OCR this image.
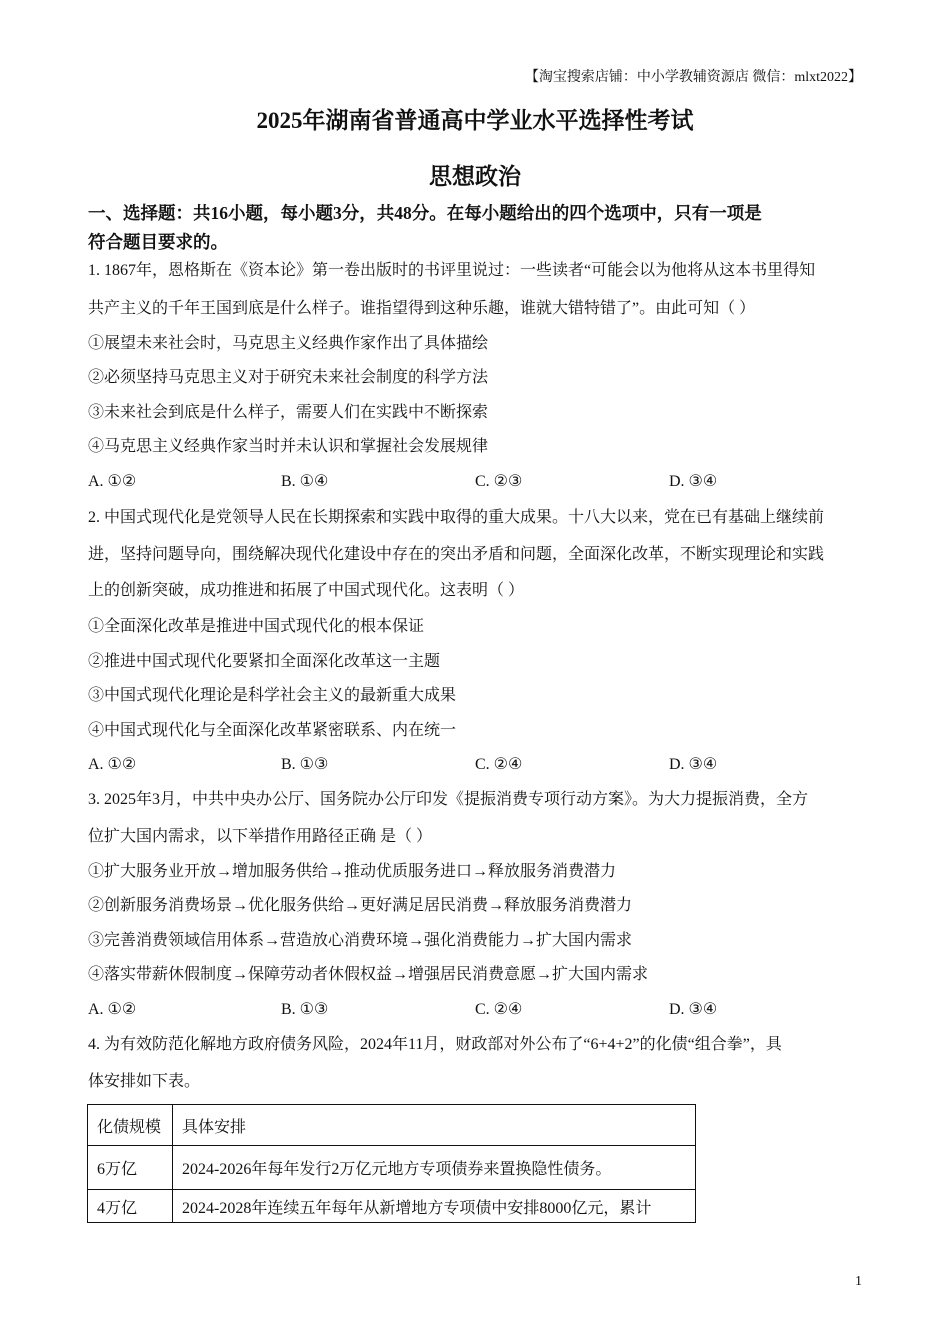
【淘宝搜索店铺：中小学教辅资源店 微信：mlxt2022】
2025年湖南省普通高中学业水平选择性考试
思想政治
一、选择题：共16小题，每小题3分，共48分。在每小题给出的四个选项中，只有一项是
符合题目要求的。
1. 1867年，恩格斯在《资本论》第一卷出版时的书评里说过：一些读者“可能会以为他将从这本书里得知
共产主义的千年王国到底是什么样子。谁指望得到这种乐趣，谁就大错特错了”。由此可知（ ）
①展望未来社会时，马克思主义经典作家作出了具体描绘
②必须坚持马克思主义对于研究未来社会制度的科学方法
③未来社会到底是什么样子，需要人们在实践中不断探索
④马克思主义经典作家当时并未认识和掌握社会发展规律
A. ①②	B. ①④	C. ②③	D. ③④
2. 中国式现代化是党领导人民在长期探索和实践中取得的重大成果。十八大以来，党在已有基础上继续前
进，坚持问题导向，围绕解决现代化建设中存在的突出矛盾和问题，全面深化改革，不断实现理论和实践
上的创新突破，成功推进和拓展了中国式现代化。这表明（ ）
①全面深化改革是推进中国式现代化的根本保证
②推进中国式现代化要紧扣全面深化改革这一主题
③中国式现代化理论是科学社会主义的最新重大成果
④中国式现代化与全面深化改革紧密联系、内在统一
A. ①②	B. ①③	C. ②④	D. ③④
3. 2025年3月，中共中央办公厅、国务院办公厅印发《提振消费专项行动方案》。为大力提振消费，全方
位扩大国内需求，以下举措作用路径正确 是（ ）
①扩大服务业开放→增加服务供给→推动优质服务进口→释放服务消费潜力
②创新服务消费场景→优化服务供给→更好满足居民消费→释放服务消费潜力
③完善消费领域信用体系→营造放心消费环境→强化消费能力→扩大国内需求
④落实带薪休假制度→保障劳动者休假权益→增强居民消费意愿→扩大国内需求
A. ①②	B. ①③	C. ②④	D. ③④
4. 为有效防范化解地方政府债务风险，2024年11月，财政部对外公布了“6+4+2”的化债“组合拳”，具
体安排如下表。
化债规模	具体安排
6万亿	2024-2026年每年发行2万亿元地方专项债券来置换隐性债务。
4万亿	2024-2028年连续五年每年从新增地方专项债中安排8000亿元，累计
1
